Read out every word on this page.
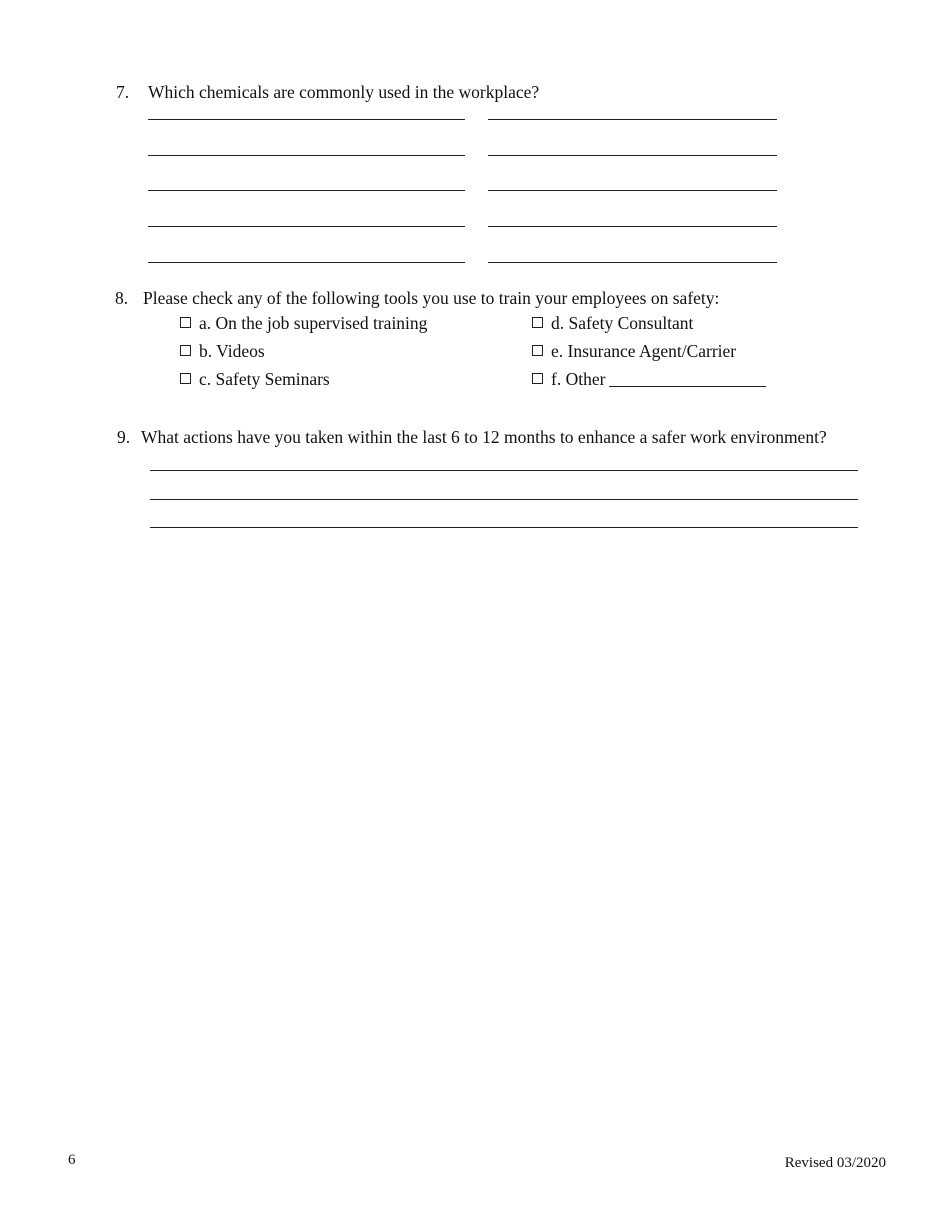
7. Which chemicals are commonly used in the workplace?
8. Please check any of the following tools you use to train your employees on safety:
a. On the job supervised training
b. Videos
c. Safety Seminars
d. Safety Consultant
e. Insurance Agent/Carrier
f. Other
9. What actions have you taken within the last 6 to 12 months to enhance a safer work environment?
6	Revised 03/2020
